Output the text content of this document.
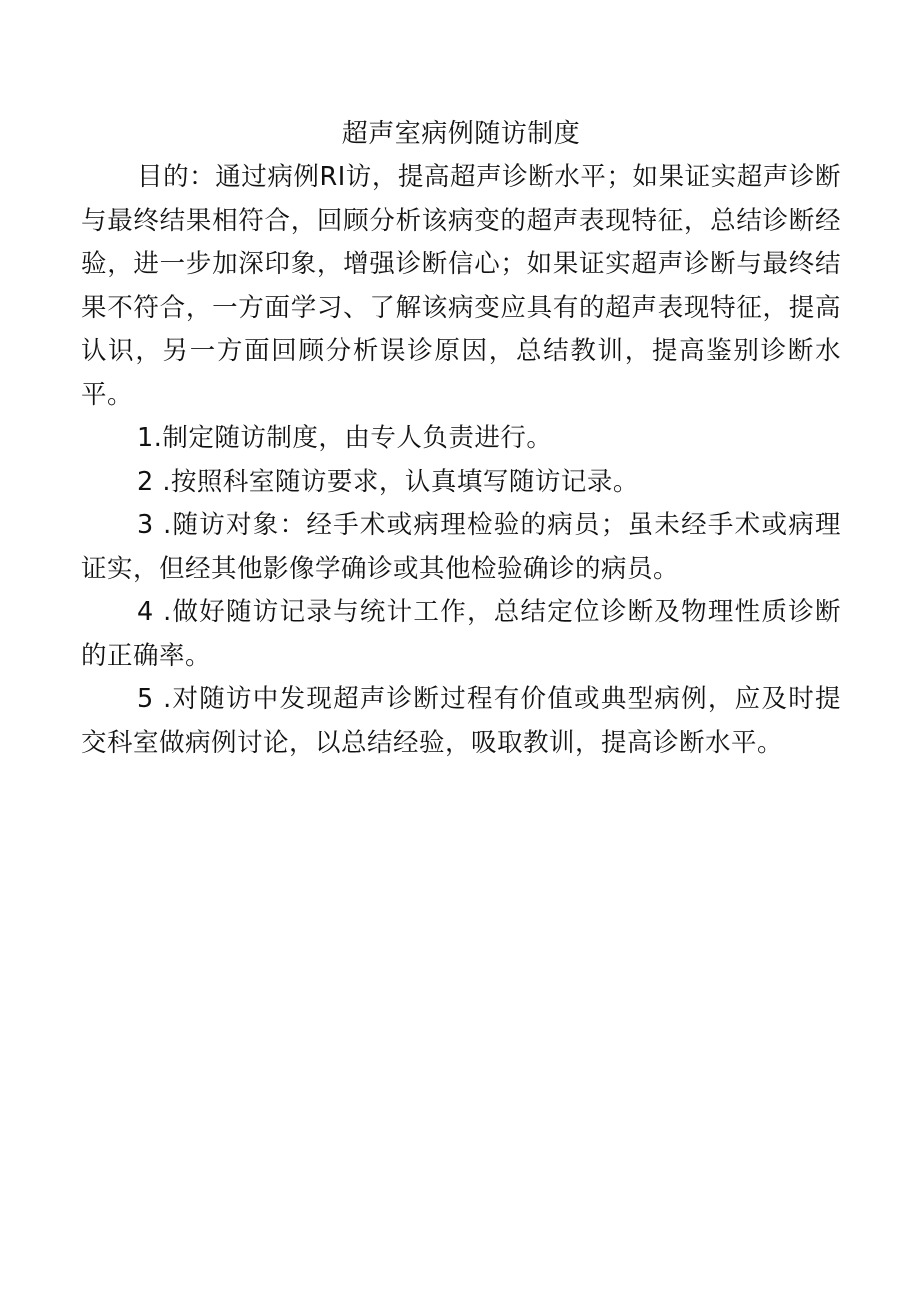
超声室病例随访制度

目的：通过病例RI访，提高超声诊断水平；如果证实超声诊断与最终结果相符合，回顾分析该病变的超声表现特征，总结诊断经验，进一步加深印象，增强诊断信心；如果证实超声诊断与最终结果不符合，一方面学习、了解该病变应具有的超声表现特征，提高认识，另一方面回顾分析误诊原因，总结教训，提高鉴别诊断水平。

1.制定随访制度，由专人负责进行。

2 .按照科室随访要求，认真填写随访记录。

3 .随访对象：经手术或病理检验的病员；虽未经手术或病理证实，但经其他影像学确诊或其他检验确诊的病员。

4 .做好随访记录与统计工作，总结定位诊断及物理性质诊断的正确率。

5 .对随访中发现超声诊断过程有价值或典型病例，应及时提交科室做病例讨论，以总结经验，吸取教训，提高诊断水平。
